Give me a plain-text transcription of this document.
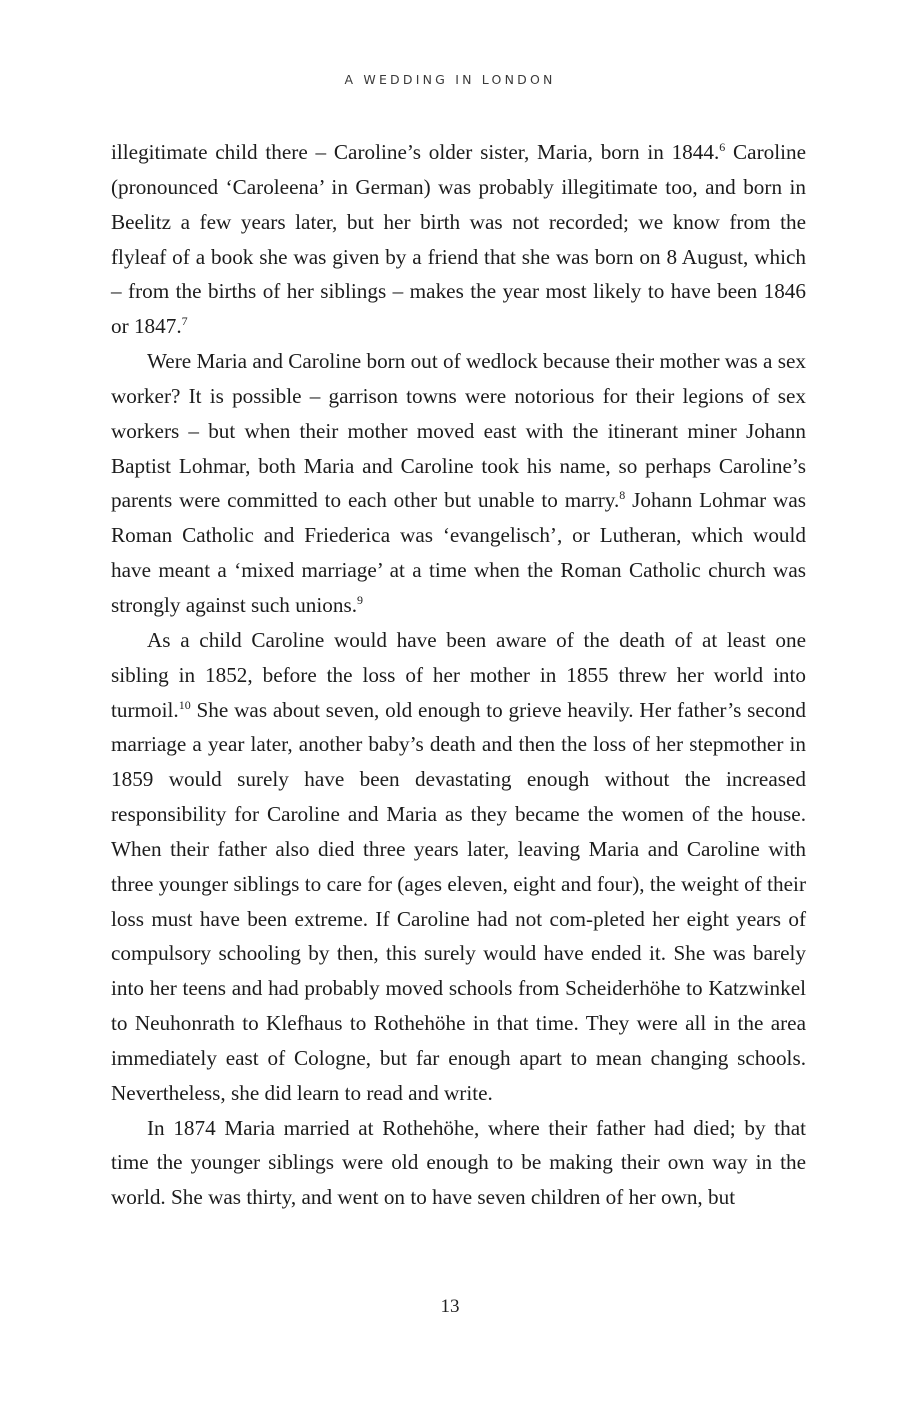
A WEDDING IN LONDON

illegitimate child there – Caroline’s older sister, Maria, born in 1844.$^6$ Caroline (pronounced ‘Caroleena’ in German) was probably illegitimate too, and born in Beelitz a few years later, but her birth was not recorded; we know from the flyleaf of a book she was given by a friend that she was born on 8 August, which – from the births of her siblings – makes the year most likely to have been 1846 or 1847.$^7$

Were Maria and Caroline born out of wedlock because their mother was a sex worker? It is possible – garrison towns were notorious for their legions of sex workers – but when their mother moved east with the itinerant miner Johann Baptist Lohmar, both Maria and Caroline took his name, so perhaps Caroline’s parents were committed to each other but unable to marry.$^8$ Johann Lohmar was Roman Catholic and Friederica was ‘evangelisch’, or Lutheran, which would have meant a ‘mixed marriage’ at a time when the Roman Catholic church was strongly against such unions.$^9$

As a child Caroline would have been aware of the death of at least one sibling in 1852, before the loss of her mother in 1855 threw her world into turmoil.$^{10}$ She was about seven, old enough to grieve heavily. Her father’s second marriage a year later, another baby’s death and then the loss of her stepmother in 1859 would surely have been devastating enough without the increased responsibility for Caroline and Maria as they became the women of the house. When their father also died three years later, leaving Maria and Caroline with three younger siblings to care for (ages eleven, eight and four), the weight of their loss must have been extreme. If Caroline had not com-pleted her eight years of compulsory schooling by then, this surely would have ended it. She was barely into her teens and had probably moved schools from Scheiderhöhe to Katzwinkel to Neuhonrath to Klefhaus to Rothehöhe in that time. They were all in the area immediately east of Cologne, but far enough apart to mean changing schools. Nevertheless, she did learn to read and write.

In 1874 Maria married at Rothehöhe, where their father had died; by that time the younger siblings were old enough to be making their own way in the world. She was thirty, and went on to have seven children of her own, but

13
